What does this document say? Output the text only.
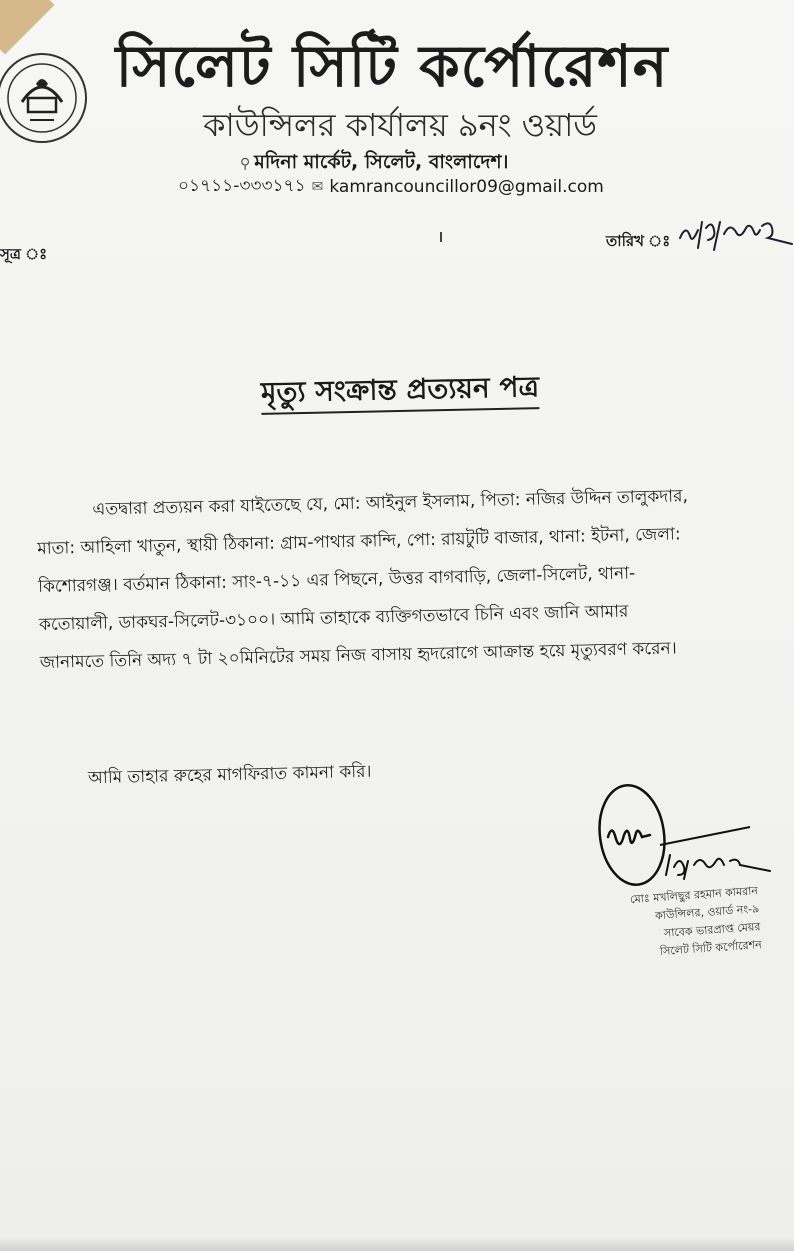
সিলেট সিটি কর্পোরেশন
কাউন্সিলর কার্যালয় ৯নং ওয়ার্ড
⚲ মদিনা মার্কেট, সিলেট, বাংলাদেশ।
০১৭১১-৩৩৩১৭১ ✉ kamrancouncillor09@gmail.com
সূত্র ঃ
তারিখ ঃ
মৃত্যু সংক্রান্ত প্রত্যয়ন পত্র
এতদ্বারা প্রত্যয়ন করা যাইতেছে যে, মো: আইনুল ইসলাম, পিতা: নজির উদ্দিন তালুকদার,
মাতা: আহিলা খাতুন, স্থায়ী ঠিকানা: গ্রাম-পাথার কান্দি, পো: রায়টুটি বাজার, থানা: ইটনা, জেলা:
কিশোরগঞ্জ। বর্তমান ঠিকানা: সাং-৭-১১ এর পিছনে, উত্তর বাগবাড়ি, জেলা-সিলেট, থানা-
কতোয়ালী, ডাকঘর-সিলেট-৩১০০। আমি তাহাকে ব্যক্তিগতভাবে চিনি এবং জানি আমার
জানামতে তিনি অদ্য ৭ টা ২০মিনিটের সময় নিজ বাসায় হৃদরোগে আক্রান্ত হয়ে মৃত্যুবরণ করেন।
আমি তাহার রুহের মাগফিরাত কামনা করি।
মোঃ মখলিছুর রহমান কামরান
কাউন্সিলর, ওয়ার্ড নং-৯
সাবেক ভারপ্রাপ্ত মেয়র
সিলেট সিটি কর্পোরেশন
